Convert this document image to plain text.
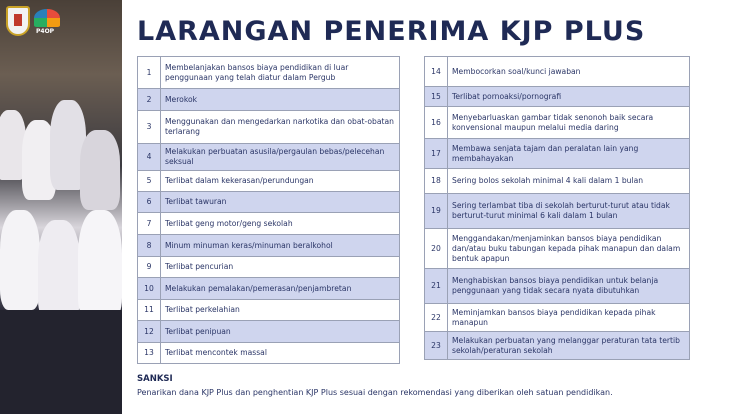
P4OP	LARANGAN PENERIMA KJP PLUS
1	Membelanjakan bansos biaya pendidikan di luar penggunaan yang telah diatur dalam Pergub
2	Merokok
3	Menggunakan dan mengedarkan narkotika dan obat-obatan terlarang
4	Melakukan perbuatan asusila/pergaulan bebas/pelecehan seksual
5	Terlibat dalam kekerasan/perundungan
6	Terlibat tawuran
7	Terlibat geng motor/geng sekolah
8	Minum minuman keras/minuman beralkohol
9	Terlibat pencurian
10	Melakukan pemalakan/pemerasan/penjambretan
11	Terlibat perkelahian
12	Terlibat penipuan
13	Terlibat mencontek massal
14	Membocorkan soal/kunci jawaban
15	Terlibat pornoaksi/pornografi
16	Menyebarluaskan gambar tidak senonoh baik secara konvensional maupun melalui media daring
17	Membawa senjata tajam dan peralatan lain yang membahayakan
18	Sering bolos sekolah minimal 4 kali dalam 1 bulan
19	Sering terlambat tiba di sekolah berturut-turut atau tidak berturut-turut minimal 6 kali dalam 1 bulan
20	Menggandakan/menjaminkan bansos biaya pendidikan dan/atau buku tabungan kepada pihak manapun dan dalam bentuk apapun
21	Menghabiskan bansos biaya pendidikan untuk belanja penggunaan yang tidak secara nyata dibutuhkan
22	Meminjamkan bansos biaya pendidikan kepada pihak manapun
23	Melakukan perbuatan yang melanggar peraturan tata tertib sekolah/peraturan sekolah

SANKSI

Penarikan dana KJP Plus dan penghentian KJP Plus sesuai dengan rekomendasi yang diberikan oleh satuan pendidikan.
